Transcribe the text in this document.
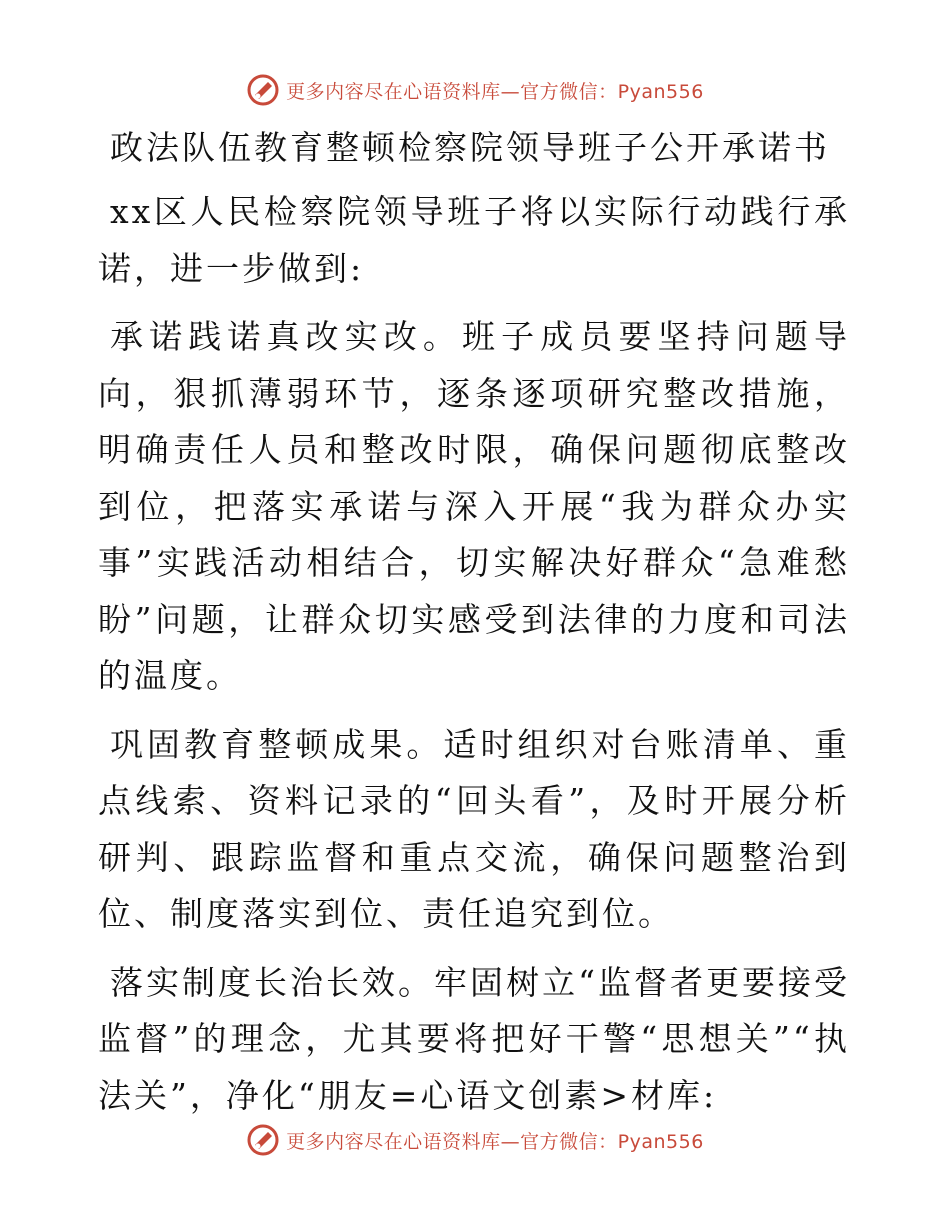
更多内容尽在心语资料库—官方微信：Pyan556
政法队伍教育整顿检察院领导班子公开承诺书

xx区人民检察院领导班子将以实际行动践行承诺，进一步做到:

承诺践诺真改实改。班子成员要坚持问题导向，狠抓薄弱环节，逐条逐项研究整改措施，明确责任人员和整改时限，确保问题彻底整改到位，把落实承诺与深入开展“我为群众办实事”实践活动相结合，切实解决好群众“急难愁盼”问题，让群众切实感受到法律的力度和司法的温度。

巩固教育整顿成果。适时组织对台账清单、重点线索、资料记录的“回头看”，及时开展分析研判、跟踪监督和重点交流，确保问题整治到位、制度落实到位、责任追究到位。

落实制度长治长效。牢固树立“监督者更要接受监督”的理念，尤其要将把好干警“思想关”“执法关”，净化“朋友=心语文创素>材库:

更多内容尽在心语资料库—官方微信：Pyan556
